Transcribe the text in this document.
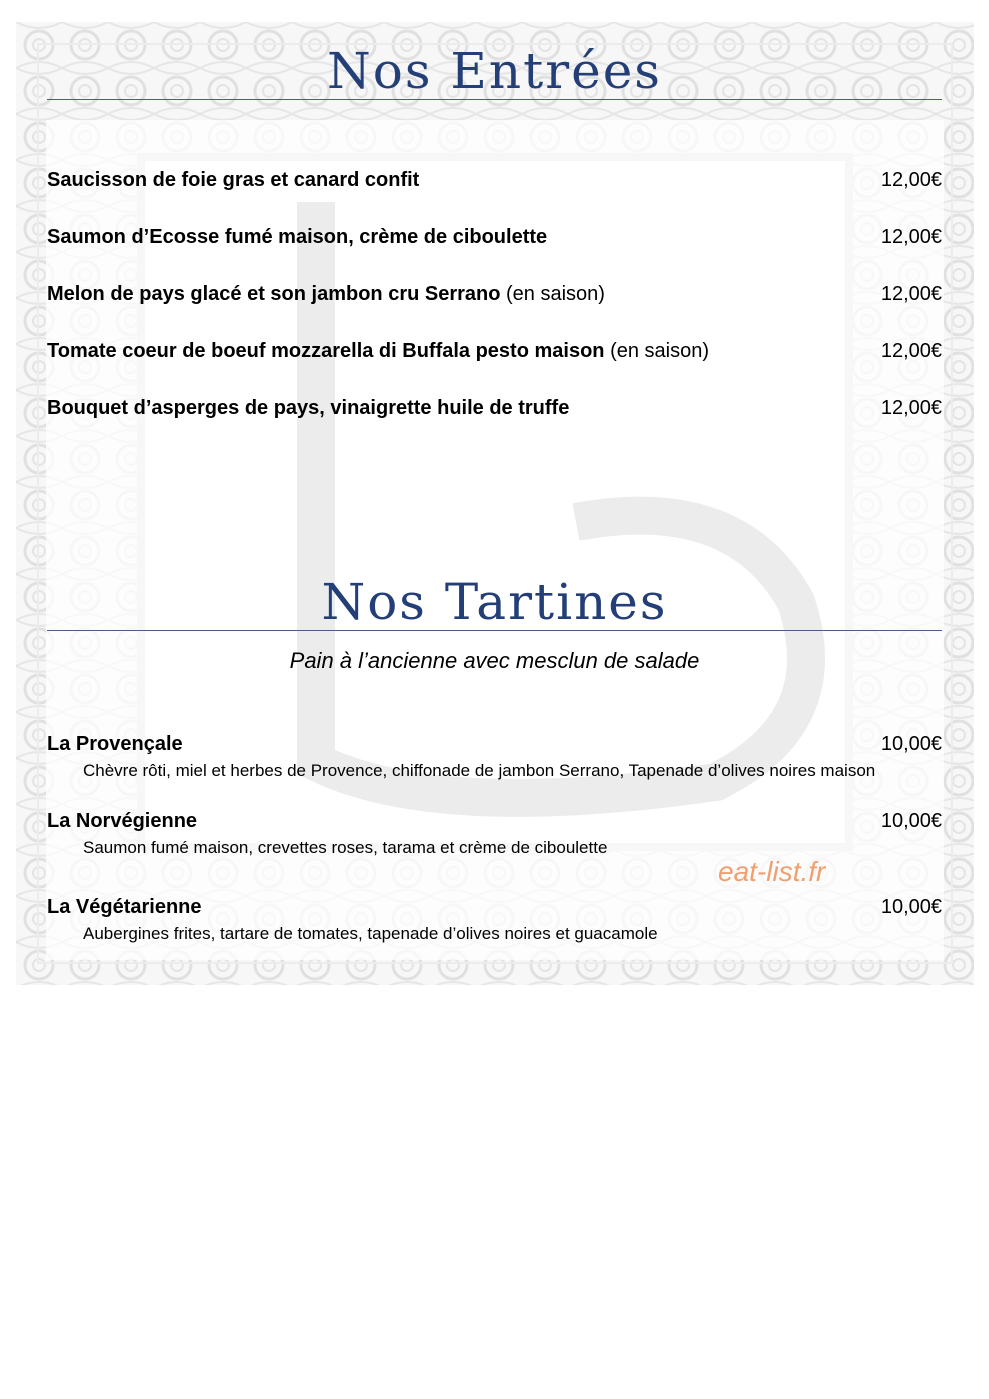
Nos Entrées
Saucisson de foie gras et canard confit	12,00€
Saumon d’Ecosse fumé maison, crème de ciboulette	12,00€
Melon de pays glacé et son jambon cru Serrano (en saison)	12,00€
Tomate coeur de boeuf mozzarella di Buffala pesto maison (en saison)	12,00€
Bouquet d’asperges de pays, vinaigrette huile de truffe	12,00€
Nos Tartines
Pain à l’ancienne avec mesclun de salade
La Provençale	10,00€
Chèvre rôti, miel et herbes de Provence, chiffonade de jambon Serrano, Tapenade d’olives noires maison
La Norvégienne	10,00€
Saumon fumé maison, crevettes roses, tarama et crème de ciboulette
eat-list.fr
La Végétarienne	10,00€
Aubergines frites, tartare de tomates, tapenade d’olives noires et guacamole
